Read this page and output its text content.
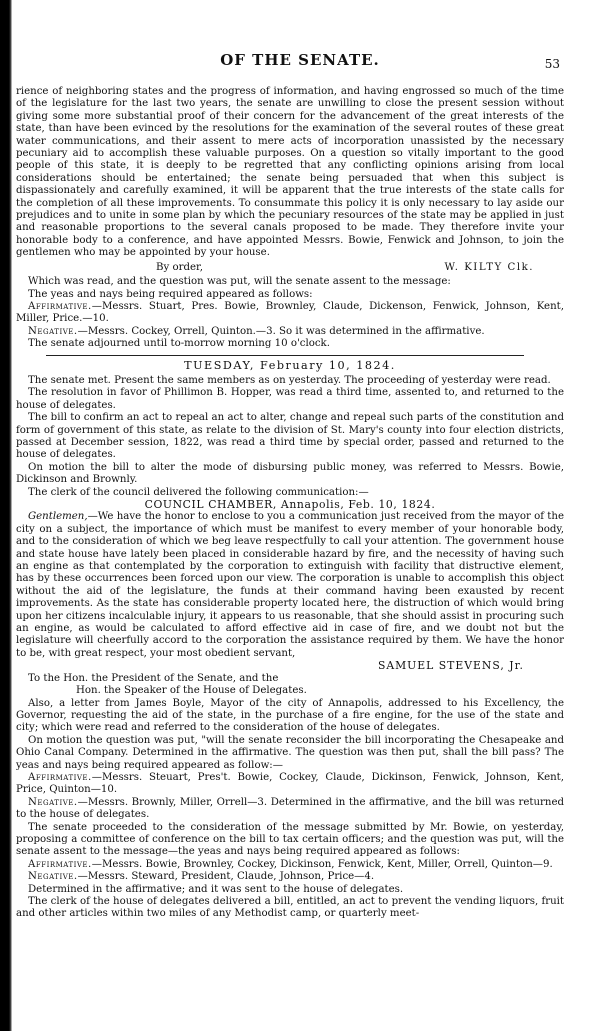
OF THE SENATE.	53

rience of neighboring states and the progress of information, and having engrossed so much of the time of the legislature for the last two years, the senate are unwilling to close the present session without giving some more substantial proof of their concern for the advancement of the great interests of the state, than have been evinced by the resolutions for the examination of the several routes of these great water communications, and their assent to mere acts of incorporation unassisted by the necessary pecuniary aid to accomplish these valuable purposes. On a question so vitally important to the good people of this state, it is deeply to be regretted that any conflicting opinions arising from local considerations should be entertained; the senate being persuaded that when this subject is dispassionately and carefully examined, it will be apparent that the true interests of the state calls for the completion of all these improvements. To consummate this policy it is only necessary to lay aside our prejudices and to unite in some plan by which the pecuniary resources of the state may be applied in just and reasonable proportions to the several canals proposed to be made. They therefore invite your honorable body to a conference, and have appointed Messrs. Bowie, Fenwick and Johnson, to join the gentlemen who may be appointed by your house.

By order,	W. KILTY Clk.

Which was read, and the question was put, will the senate assent to the message:

The yeas and nays being required appeared as follows:

Affirmative.—Messrs. Stuart, Pres. Bowie, Brownley, Claude, Dickenson, Fenwick, Johnson, Kent, Miller, Price.—10.

Negative.—Messrs. Cockey, Orrell, Quinton.—3. So it was determined in the affirmative.

The senate adjourned until to-morrow morning 10 o'clock.

TUESDAY, February 10, 1824.

The senate met. Present the same members as on yesterday. The proceeding of yesterday were read.

The resolution in favor of Phillimon B. Hopper, was read a third time, assented to, and returned to the house of delegates.

The bill to confirm an act to repeal an act to alter, change and repeal such parts of the constitution and form of government of this state, as relate to the division of St. Mary's county into four election districts, passed at December session, 1822, was read a third time by special order, passed and returned to the house of delegates.

On motion the bill to alter the mode of disbursing public money, was referred to Messrs. Bowie, Dickinson and Brownly.

The clerk of the council delivered the following communication:—

COUNCIL CHAMBER, Annapolis, Feb. 10, 1824.

Gentlemen,—We have the honor to enclose to you a communication just received from the mayor of the city on a subject, the importance of which must be manifest to every member of your honorable body, and to the consideration of which we beg leave respectfully to call your attention. The government house and state house have lately been placed in considerable hazard by fire, and the necessity of having such an engine as that contemplated by the corporation to extinguish with facility that distructive element, has by these occurrences been forced upon our view. The corporation is unable to accomplish this object without the aid of the legislature, the funds at their command having been exausted by recent improvements. As the state has considerable property located here, the distruction of which would bring upon her citizens incalculable injury, it appears to us reasonable, that she should assist in procuring such an engine, as would be calculated to afford effective aid in case of fire, and we doubt not but the legislature will cheerfully accord to the corporation the assistance required by them. We have the honor to be, with great respect, your most obedient servant,

SAMUEL STEVENS, Jr.
To the Hon. the President of the Senate, and the
Hon. the Speaker of the House of Delegates.

Also, a letter from James Boyle, Mayor of the city of Annapolis, addressed to his Excellency, the Governor, requesting the aid of the state, in the purchase of a fire engine, for the use of the state and city; which were read and referred to the consideration of the house of delegates.

On motion the question was put, "will the senate reconsider the bill incorporating the Chesapeake and Ohio Canal Company. Determined in the affirmative. The question was then put, shall the bill pass? The yeas and nays being required appeared as follow:—

Affirmative.—Messrs. Steuart, Pres't. Bowie, Cockey, Claude, Dickinson, Fenwick, Johnson, Kent, Price, Quinton—10.

Negative.—Messrs. Brownly, Miller, Orrell—3. Determined in the affirmative, and the bill was returned to the house of delegates.

The senate proceeded to the consideration of the message submitted by Mr. Bowie, on yesterday, proposing a committee of conference on the bill to tax certain officers; and the question was put, will the senate assent to the message—the yeas and nays being required appeared as follows:

Affirmative.—Messrs. Bowie, Brownley, Cockey, Dickinson, Fenwick, Kent, Miller, Orrell, Quinton—9.

Negative.—Messrs. Steward, President, Claude, Johnson, Price—4.

Determined in the affirmative; and it was sent to the house of delegates.

The clerk of the house of delegates delivered a bill, entitled, an act to prevent the vending liquors, fruit and other articles within two miles of any Methodist camp, or quarterly meet-
